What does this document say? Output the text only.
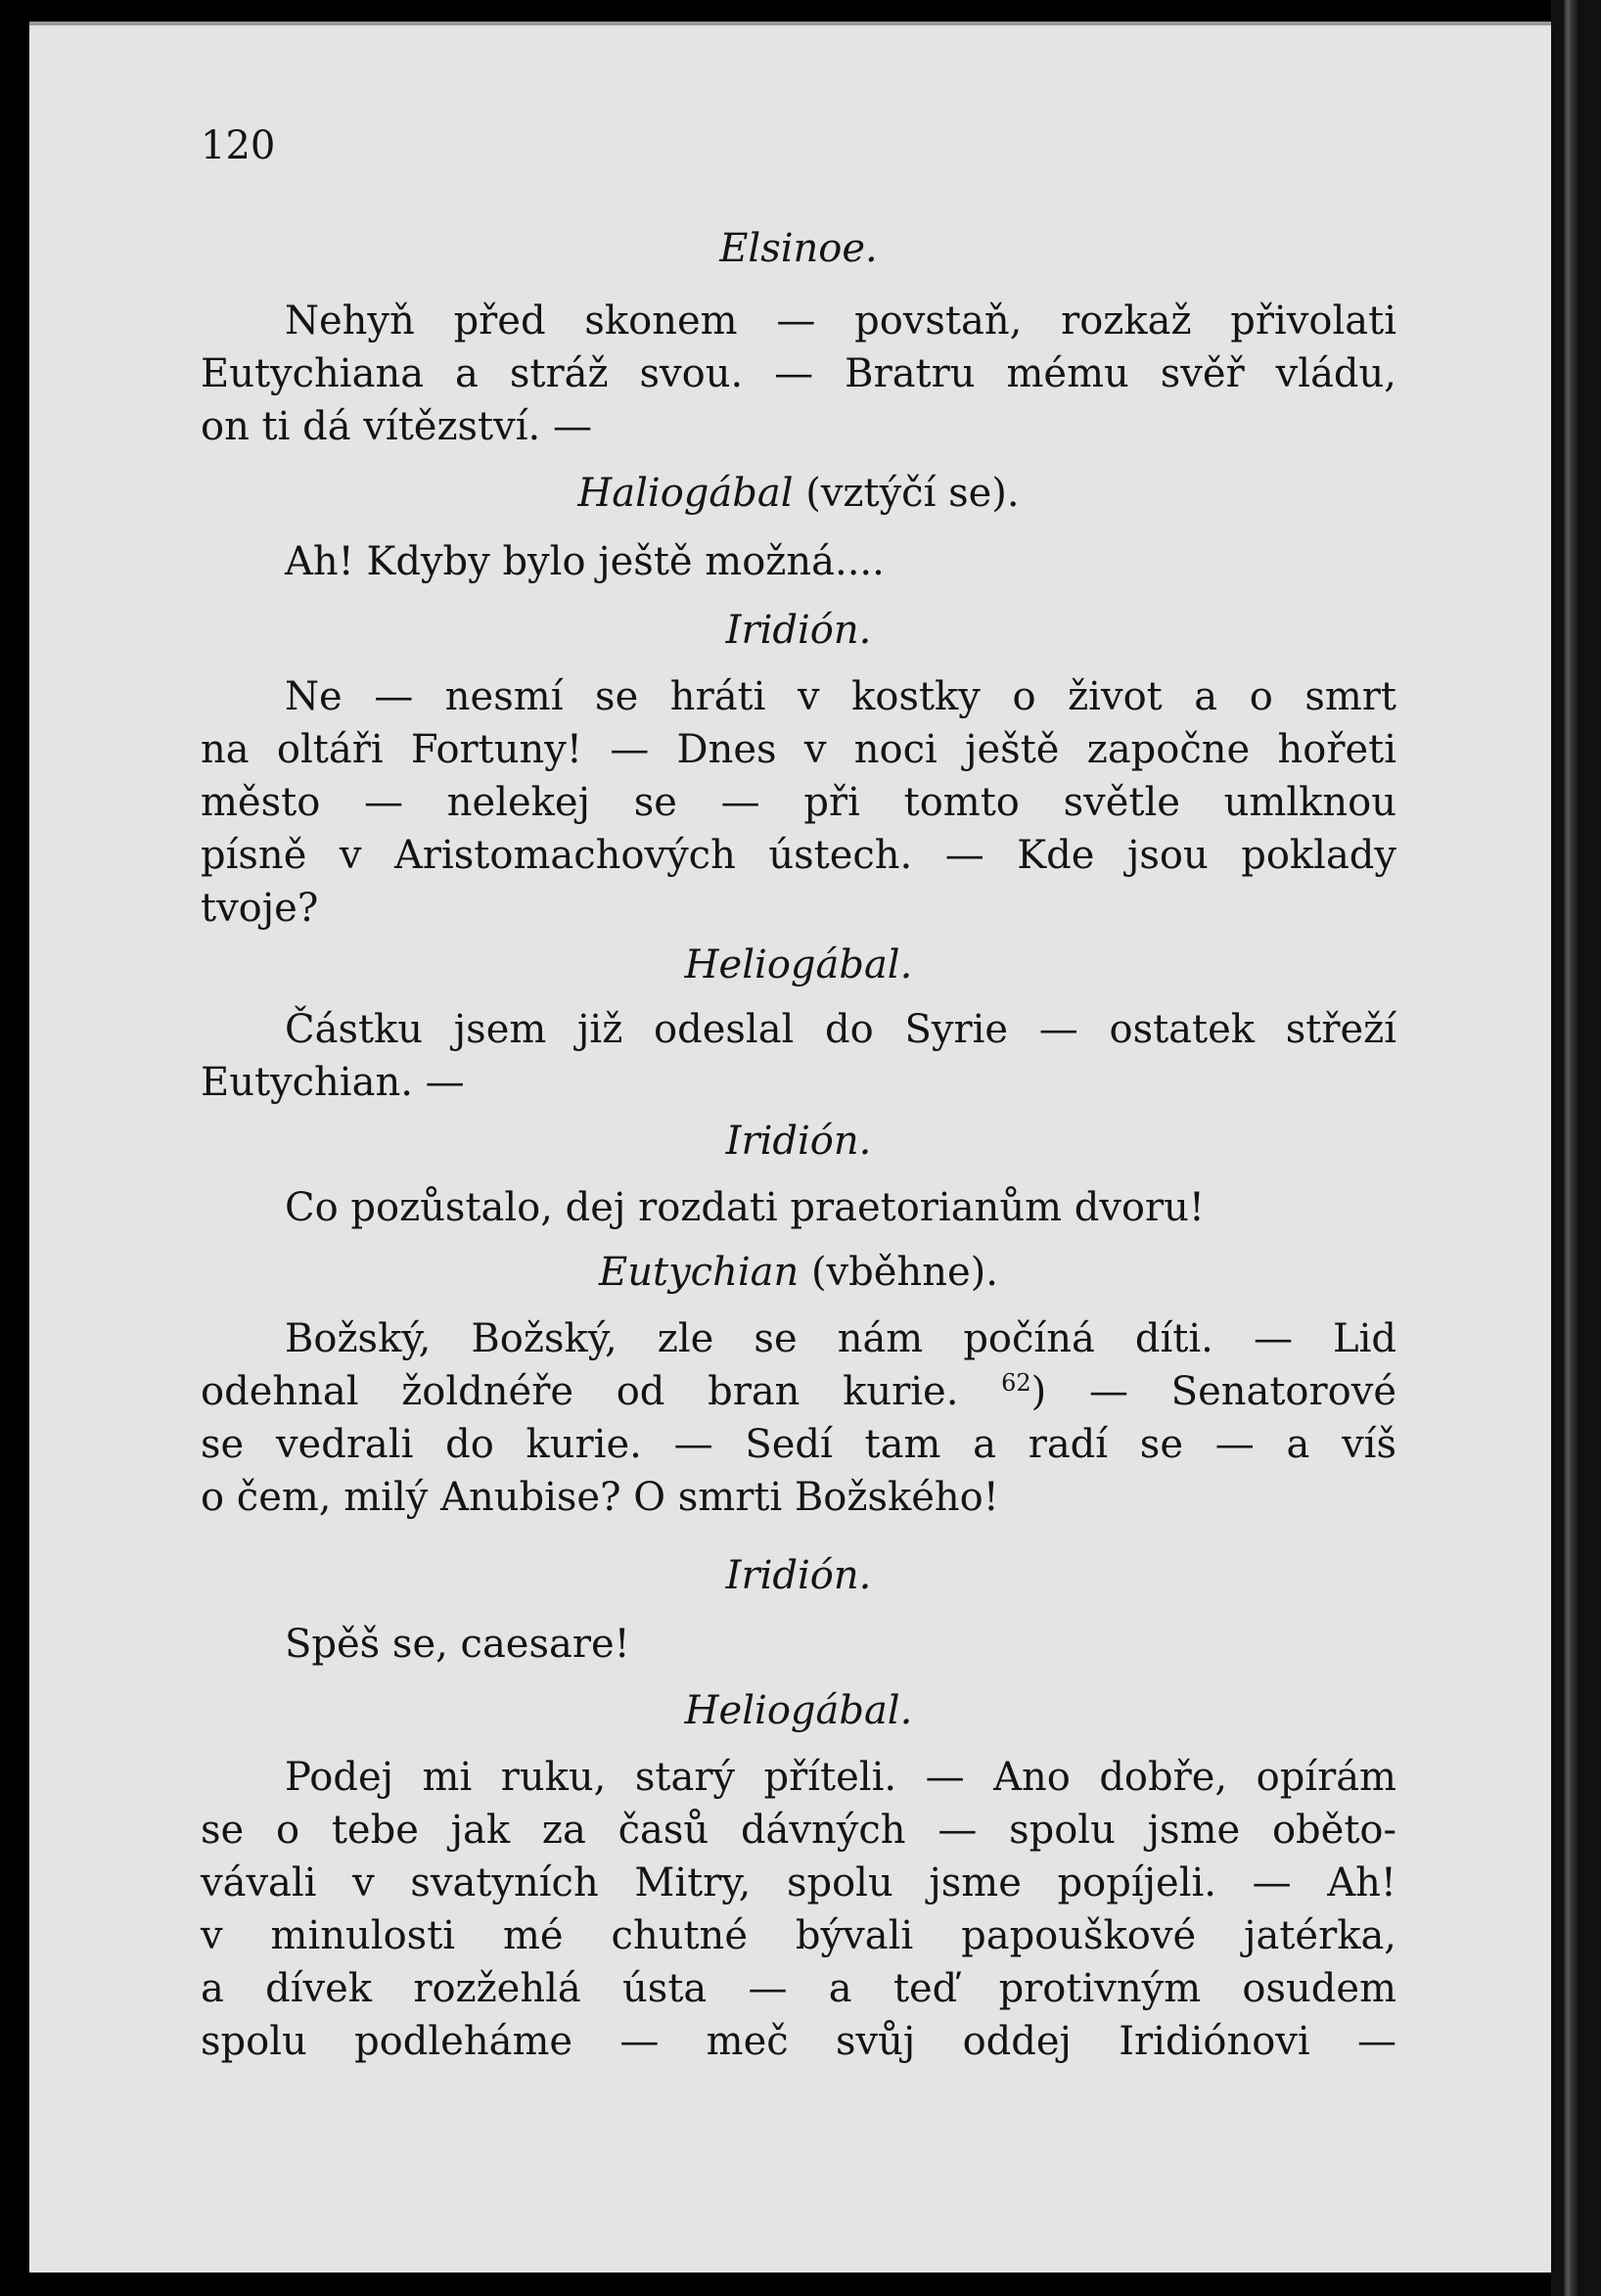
120
Elsinoe.
Nehyň před skonem — povstaň, rozkaž přivolati
Eutychiana a stráž svou. — Bratru mému svěř vládu,
on ti dá vítězství. —
Haliogábal (vztýčí se).
Ah! Kdyby bylo ještě možná....
Iridión.
Ne — nesmí se hráti v kostky o život a o smrt
na oltáři Fortuny! — Dnes v noci ještě započne hořeti
město — nelekej se — při tomto světle umlknou
písně v Aristomachových ústech. — Kde jsou poklady
tvoje?
Heliogábal.
Částku jsem již odeslal do Syrie — ostatek střeží
Eutychian. —
Iridión.
Co pozůstalo, dej rozdati praetorianům dvoru!
Eutychian (vběhne).
Božský, Božský, zle se nám počíná díti. — Lid
odehnal žoldnéře od bran kurie. $^{62}$) — Senatorové
se vedrali do kurie. — Sedí tam a radí se — a víš
o čem, milý Anubise? O smrti Božského!
Iridión.
Spěš se, caesare!
Heliogábal.
Podej mi ruku, starý příteli. — Ano dobře, opírám
se o tebe jak za časů dávných — spolu jsme oběto-
vávali v svatyních Mitry, spolu jsme popíjeli. — Ah!
v minulosti mé chutné bývali papouškové jatérka,
a dívek rozžehlá ústa — a teď protivným osudem
spolu podleháme — meč svůj oddej Iridiónovi —
